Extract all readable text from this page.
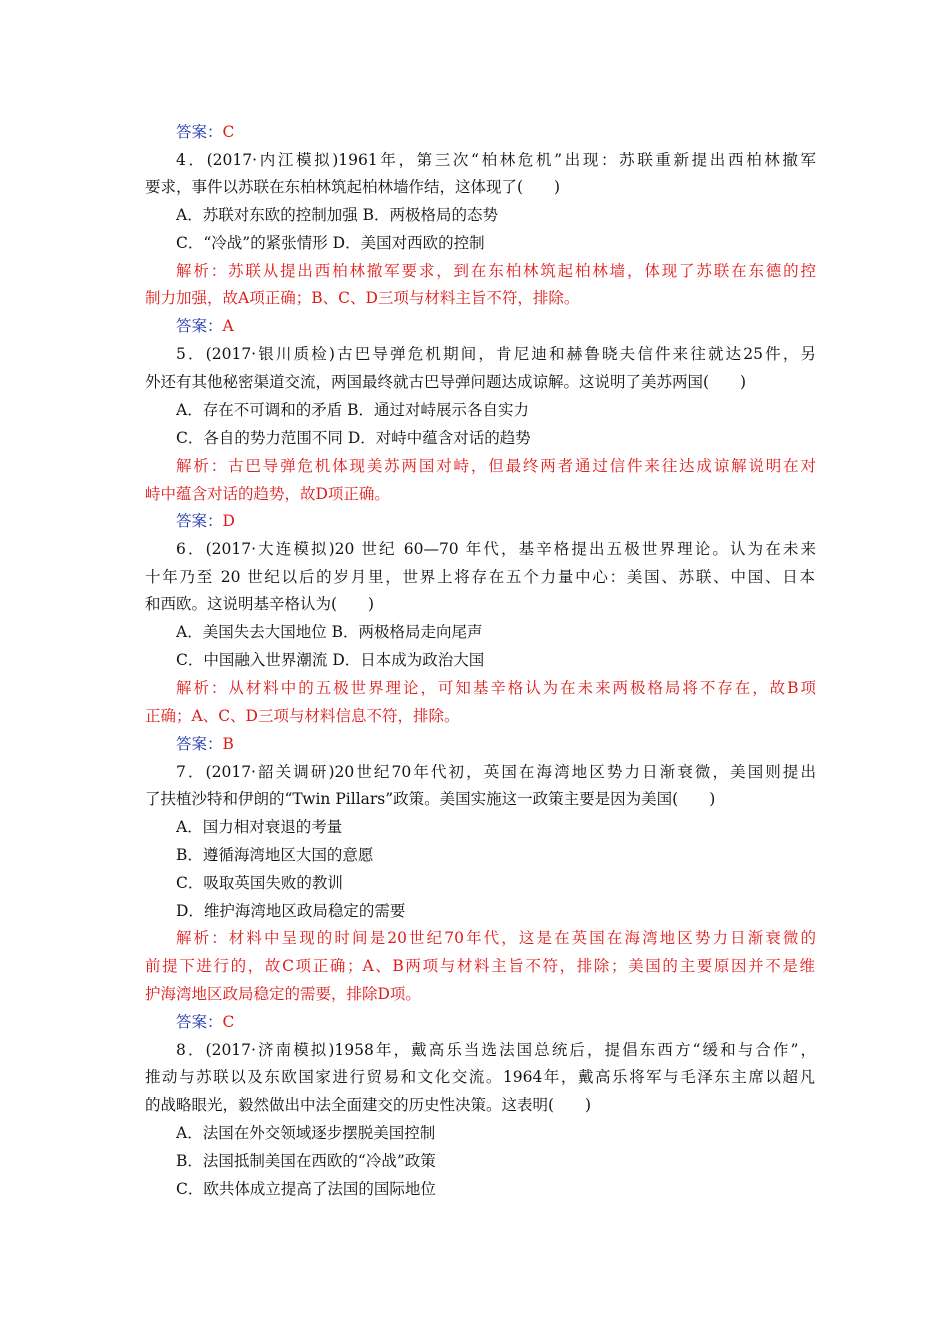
答案：C
4．(2017·内江模拟)1961年，第三次“柏林危机”出现：苏联重新提出西柏林撤军
要求，事件以苏联在东柏林筑起柏林墙作结，这体现了(　　)
A．苏联对东欧的控制加强 B．两极格局的态势
C．“冷战”的紧张情形 D．美国对西欧的控制
解析：苏联从提出西柏林撤军要求，到在东柏林筑起柏林墙，体现了苏联在东德的控
制力加强，故A项正确；B、C、D三项与材料主旨不符，排除。
答案：A
5．(2017·银川质检)古巴导弹危机期间，肯尼迪和赫鲁晓夫信件来往就达25件，另
外还有其他秘密渠道交流，两国最终就古巴导弹问题达成谅解。这说明了美苏两国(　　)
A．存在不可调和的矛盾 B．通过对峙展示各自实力
C．各自的势力范围不同 D．对峙中蕴含对话的趋势
解析：古巴导弹危机体现美苏两国对峙，但最终两者通过信件来往达成谅解说明在对
峙中蕴含对话的趋势，故D项正确。
答案：D
6．(2017·大连模拟)20 世纪 60—70 年代，基辛格提出五极世界理论。认为在未来
十年乃至 20 世纪以后的岁月里，世界上将存在五个力量中心：美国、苏联、中国、日本
和西欧。这说明基辛格认为(　　)
A．美国失去大国地位 B．两极格局走向尾声
C．中国融入世界潮流 D．日本成为政治大国
解析：从材料中的五极世界理论，可知基辛格认为在未来两极格局将不存在，故B项
正确；A、C、D三项与材料信息不符，排除。
答案：B
7．(2017·韶关调研)20世纪70年代初，英国在海湾地区势力日渐衰微，美国则提出
了扶植沙特和伊朗的“Twin Pillars”政策。美国实施这一政策主要是因为美国(　　)
A．国力相对衰退的考量
B．遵循海湾地区大国的意愿
C．吸取英国失败的教训
D．维护海湾地区政局稳定的需要
解析：材料中呈现的时间是20世纪70年代，这是在英国在海湾地区势力日渐衰微的
前提下进行的，故C项正确；A、B两项与材料主旨不符，排除；美国的主要原因并不是维
护海湾地区政局稳定的需要，排除D项。
答案：C
8．(2017·济南模拟)1958年，戴高乐当选法国总统后，提倡东西方“缓和与合作”，
推动与苏联以及东欧国家进行贸易和文化交流。1964年，戴高乐将军与毛泽东主席以超凡
的战略眼光，毅然做出中法全面建交的历史性决策。这表明(　　)
A．法国在外交领域逐步摆脱美国控制
B．法国抵制美国在西欧的“冷战”政策
C．欧共体成立提高了法国的国际地位
